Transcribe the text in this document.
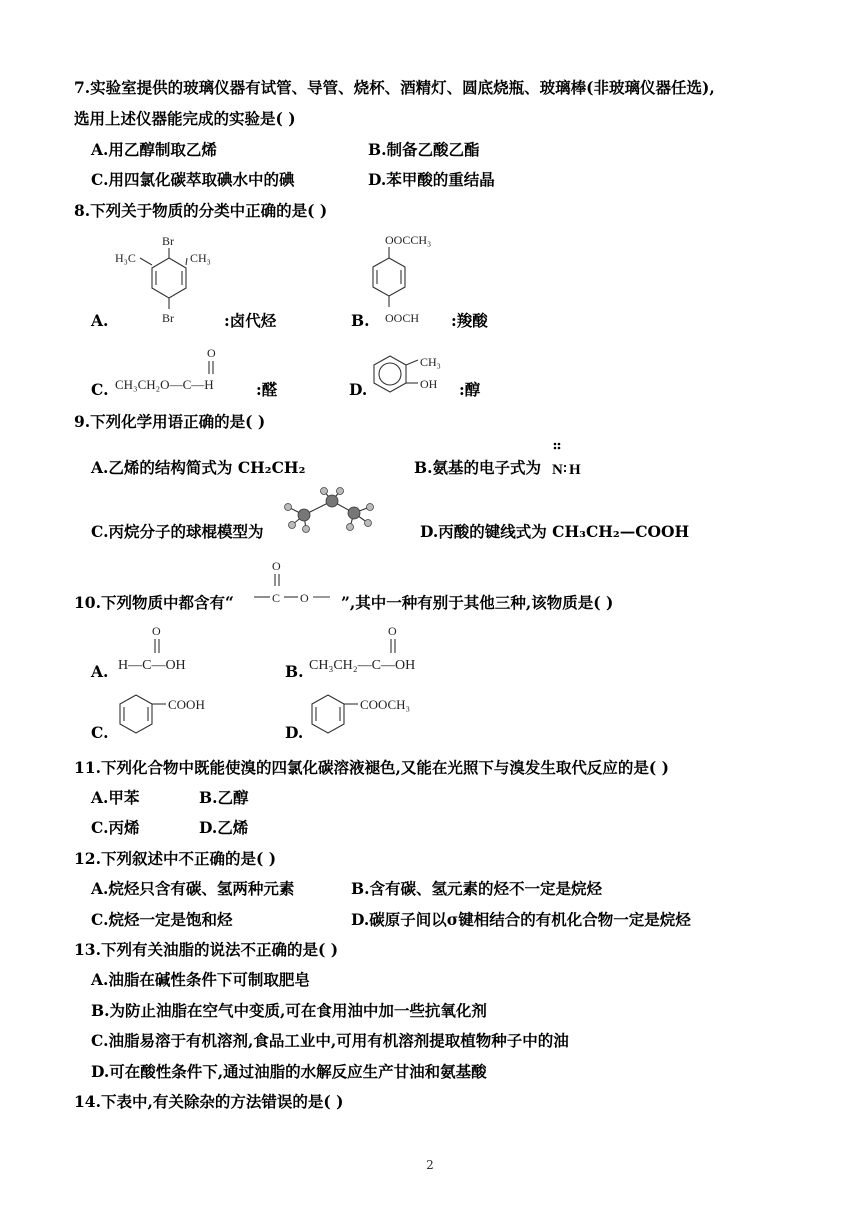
7.实验室提供的玻璃仪器有试管、导管、烧杯、酒精灯、圆底烧瓶、玻璃棒(非玻璃仪器任选),
选用上述仪器能完成的实验是( )
A.用乙醇制取乙烯	B.制备乙酸乙酯
C.用四氯化碳萃取碘水中的碘	D.苯甲酸的重结晶
8.下列关于物质的分类中正确的是( )
A.
Br
H₃C	CH₃
Br	:卤代烃	B.
OOCCH₃
OOCH :羧酸
C.
O
CH₃CH₂O—C—H	:醛	D.
CH₃
OH :醇
9.下列化学用语正确的是( )
A.乙烯的结构简式为 CH₂CH₂	B.氨基的电子式为 N H
C.丙烷分子的球棍模型为	D.丙酸的键线式为 CH₃CH₂—COOH
10.下列物质中都含有“
O
C O ”,其中一种有别于其他三种,该物质是( )
A.
O
H—C—OH	B.
O
CH₃CH₂—C—OH
C.
COOH
D.
COOCH₃
11.下列化合物中既能使溴的四氯化碳溶液褪色,又能在光照下与溴发生取代反应的是( )
A.甲苯	B.乙醇
C.丙烯	D.乙烯
12.下列叙述中不正确的是( )
A.烷烃只含有碳、氢两种元素	B.含有碳、氢元素的烃不一定是烷烃
C.烷烃一定是饱和烃	D.碳原子间以σ键相结合的有机化合物一定是烷烃
13.下列有关油脂的说法不正确的是( )
A.油脂在碱性条件下可制取肥皂
B.为防止油脂在空气中变质,可在食用油中加一些抗氧化剂
C.油脂易溶于有机溶剂,食品工业中,可用有机溶剂提取植物种子中的油
D.可在酸性条件下,通过油脂的水解反应生产甘油和氨基酸
14.下表中,有关除杂的方法错误的是( )
2
